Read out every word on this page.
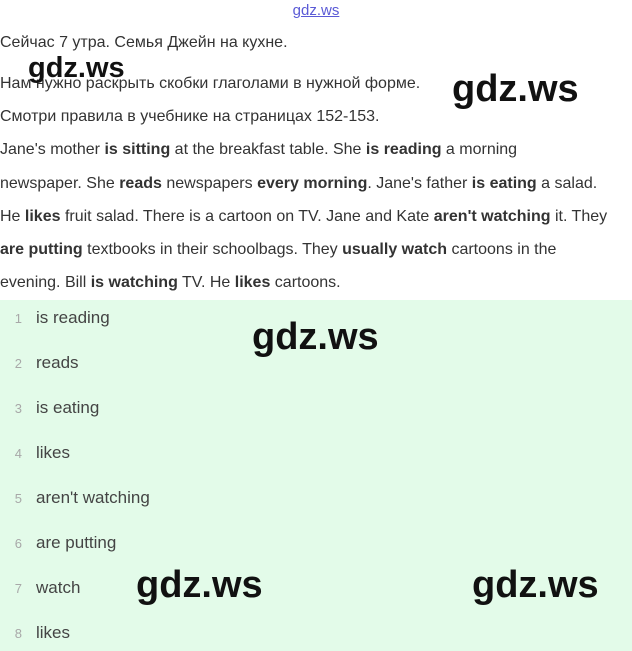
gdz.ws
Сейчас 7 утра. Семья Джейн на кухне.
Нам нужно раскрыть скобки глаголами в нужной форме.
Смотри правила в учебнике на страницах 152-153.
Jane's mother is sitting at the breakfast table. She is reading a morning
newspaper. She reads newspapers every morning. Jane's father is eating a salad.
He likes fruit salad. There is a cartoon on TV. Jane and Kate aren't watching it. They
are putting textbooks in their schoolbags. They usually watch cartoons in the
evening. Bill is watching TV. He likes cartoons.
1 is reading
2 reads
3 is eating
4 likes
5 aren't watching
6 are putting
7 watch
8 likes
gdz.ws	gdz.ws
gdz.ws
gdz.ws	gdz.ws
